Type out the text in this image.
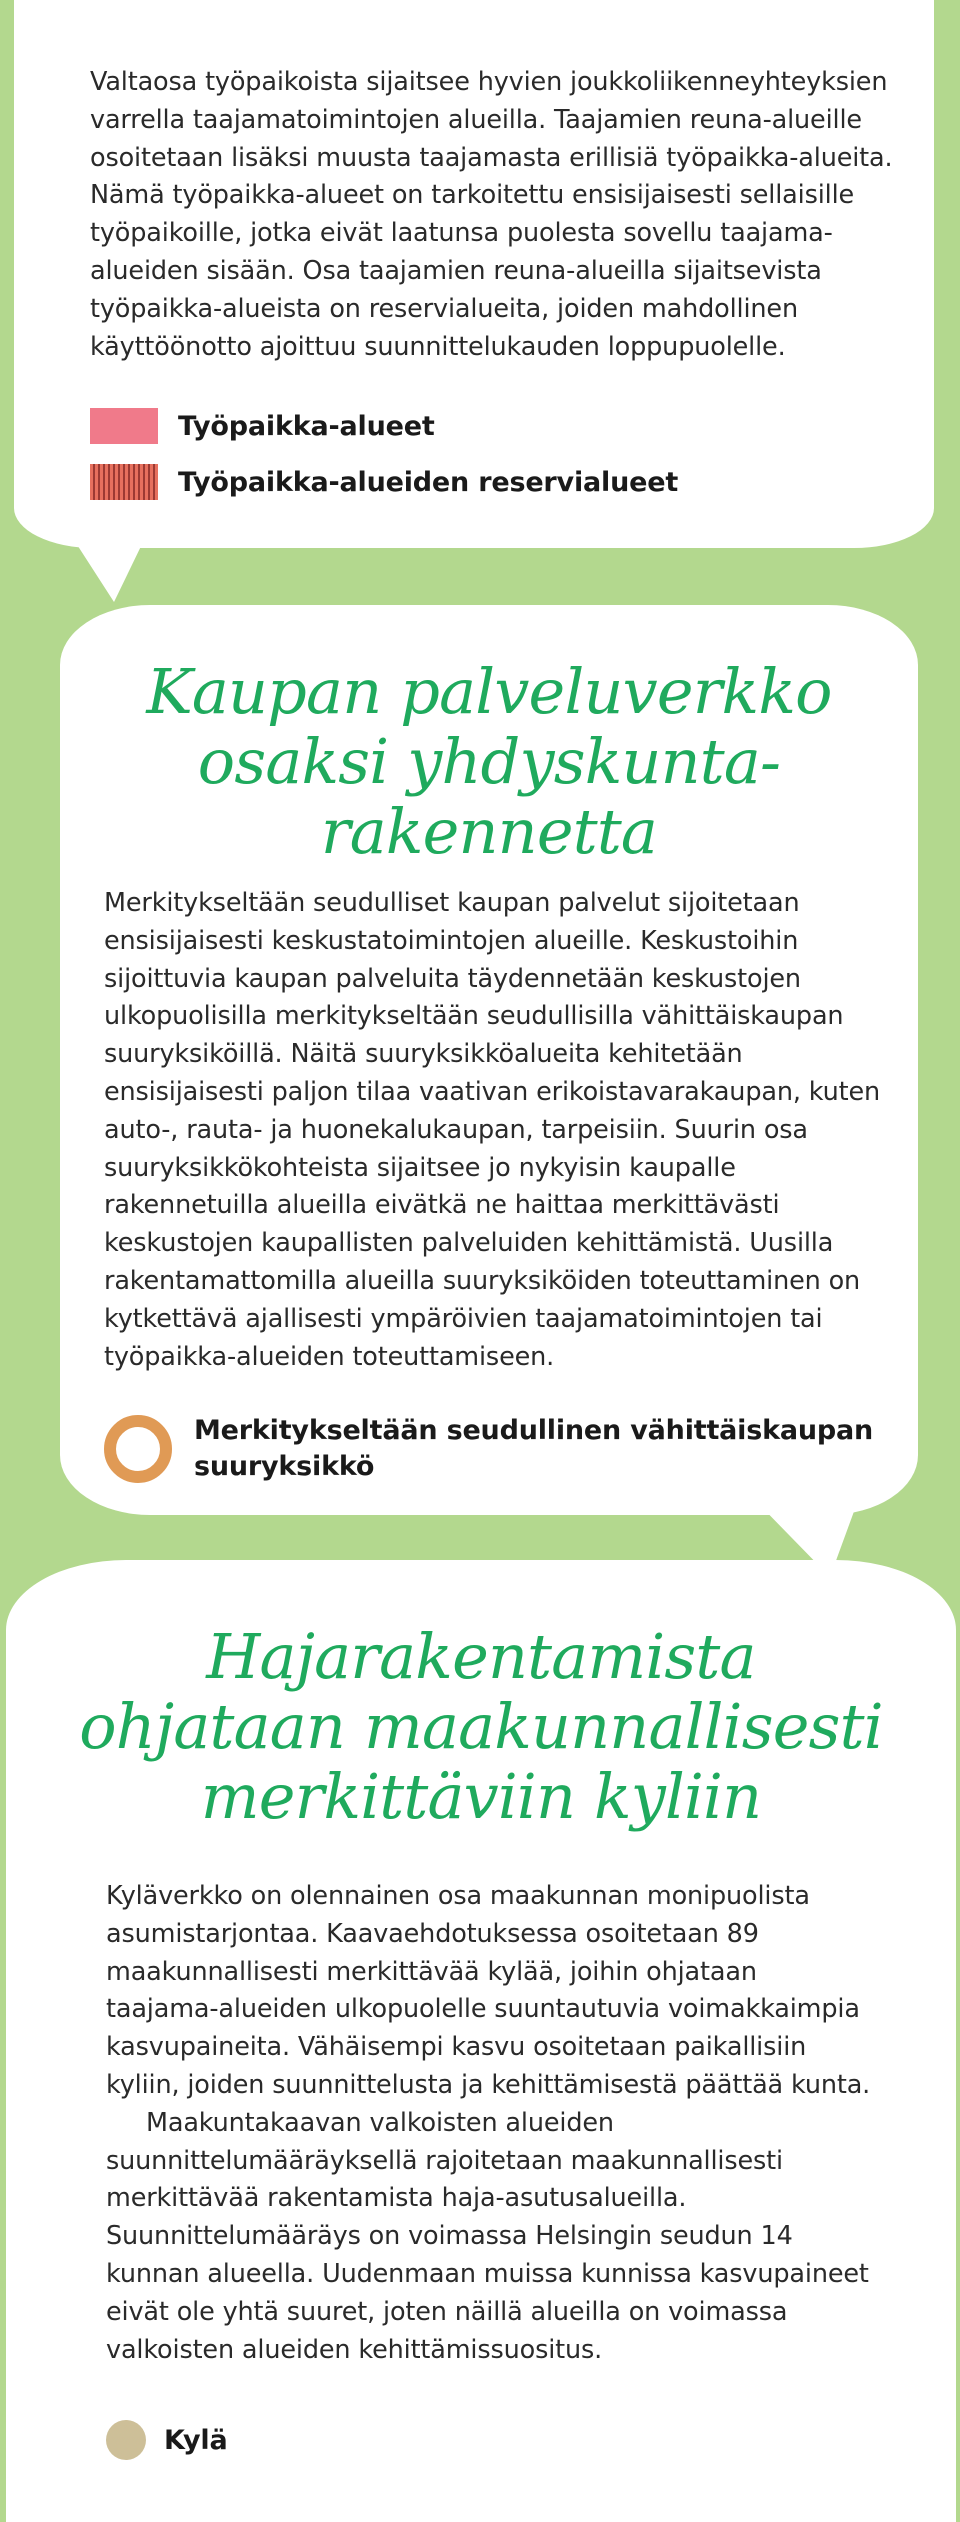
Valtaosa työpaikoista sijaitsee hyvien joukkoliikenneyhteyksien varrella taajamatoimintojen alueilla. Taajamien reuna-alueille osoitetaan lisäksi muusta taajamasta erillisiä työpaikka-alueita. Nämä työpaikka-alueet on tarkoitettu ensisijaisesti sellaisille työpaikoille, jotka eivät laatunsa puolesta sovellu taajama-alueiden sisään. Osa taajamien reuna-alueilla sijaitsevista työpaikka-alueista on reservialueita, joiden mahdollinen käyttöönotto ajoittuu suunnittelukauden loppupuolelle.

Työpaikka-alueet
Työpaikka-alueiden reservialueet
Kaupan palveluverkko
osaksi yhdyskunta-
rakennetta

Merkitykseltään seudulliset kaupan palvelut sijoitetaan ensisijaisesti keskustatoimintojen alueille. Keskustoihin sijoittuvia kaupan palveluita täydennetään keskustojen ulkopuolisilla merkitykseltään seudullisilla vähittäiskaupan suuryksiköillä. Näitä suuryksikköalueita kehitetään ensisijaisesti paljon tilaa vaativan erikoistavarakaupan, kuten auto-, rauta- ja huonekalukaupan, tarpeisiin. Suurin osa suuryksikkökohteista sijaitsee jo nykyisin kaupalle rakennetuilla alueilla eivätkä ne haittaa merkittävästi keskustojen kaupallisten palveluiden kehittämistä. Uusilla rakentamattomilla alueilla suuryksiköiden toteuttaminen on kytkettävä ajallisesti ympäröivien taajamatoimintojen tai työpaikka-alueiden toteuttamiseen.

Merkitykseltään seudullinen vähittäiskaupan
suuryksikkö
Hajarakentamista
ohjataan maakunnallisesti
merkittäviin kyliin

Kyläverkko on olennainen osa maakunnan monipuolista asumistarjontaa. Kaavaehdotuksessa osoitetaan 89 maakunnallisesti merkittävää kylää, joihin ohjataan taajama-alueiden ulkopuolelle suuntautuvia voimakkaimpia kasvupaineita. Vähäisempi kasvu osoitetaan paikallisiin kyliin, joiden suunnittelusta ja kehittämisestä päättää kunta.

Maakuntakaavan valkoisten alueiden suunnittelumääräyksellä rajoitetaan maakunnallisesti merkittävää rakentamista haja-asutusalueilla. Suunnittelumääräys on voimassa Helsingin seudun 14 kunnan alueella. Uudenmaan muissa kunnissa kasvupaineet eivät ole yhtä suuret, joten näillä alueilla on voimassa valkoisten alueiden kehittämissuositus.

Kylä
